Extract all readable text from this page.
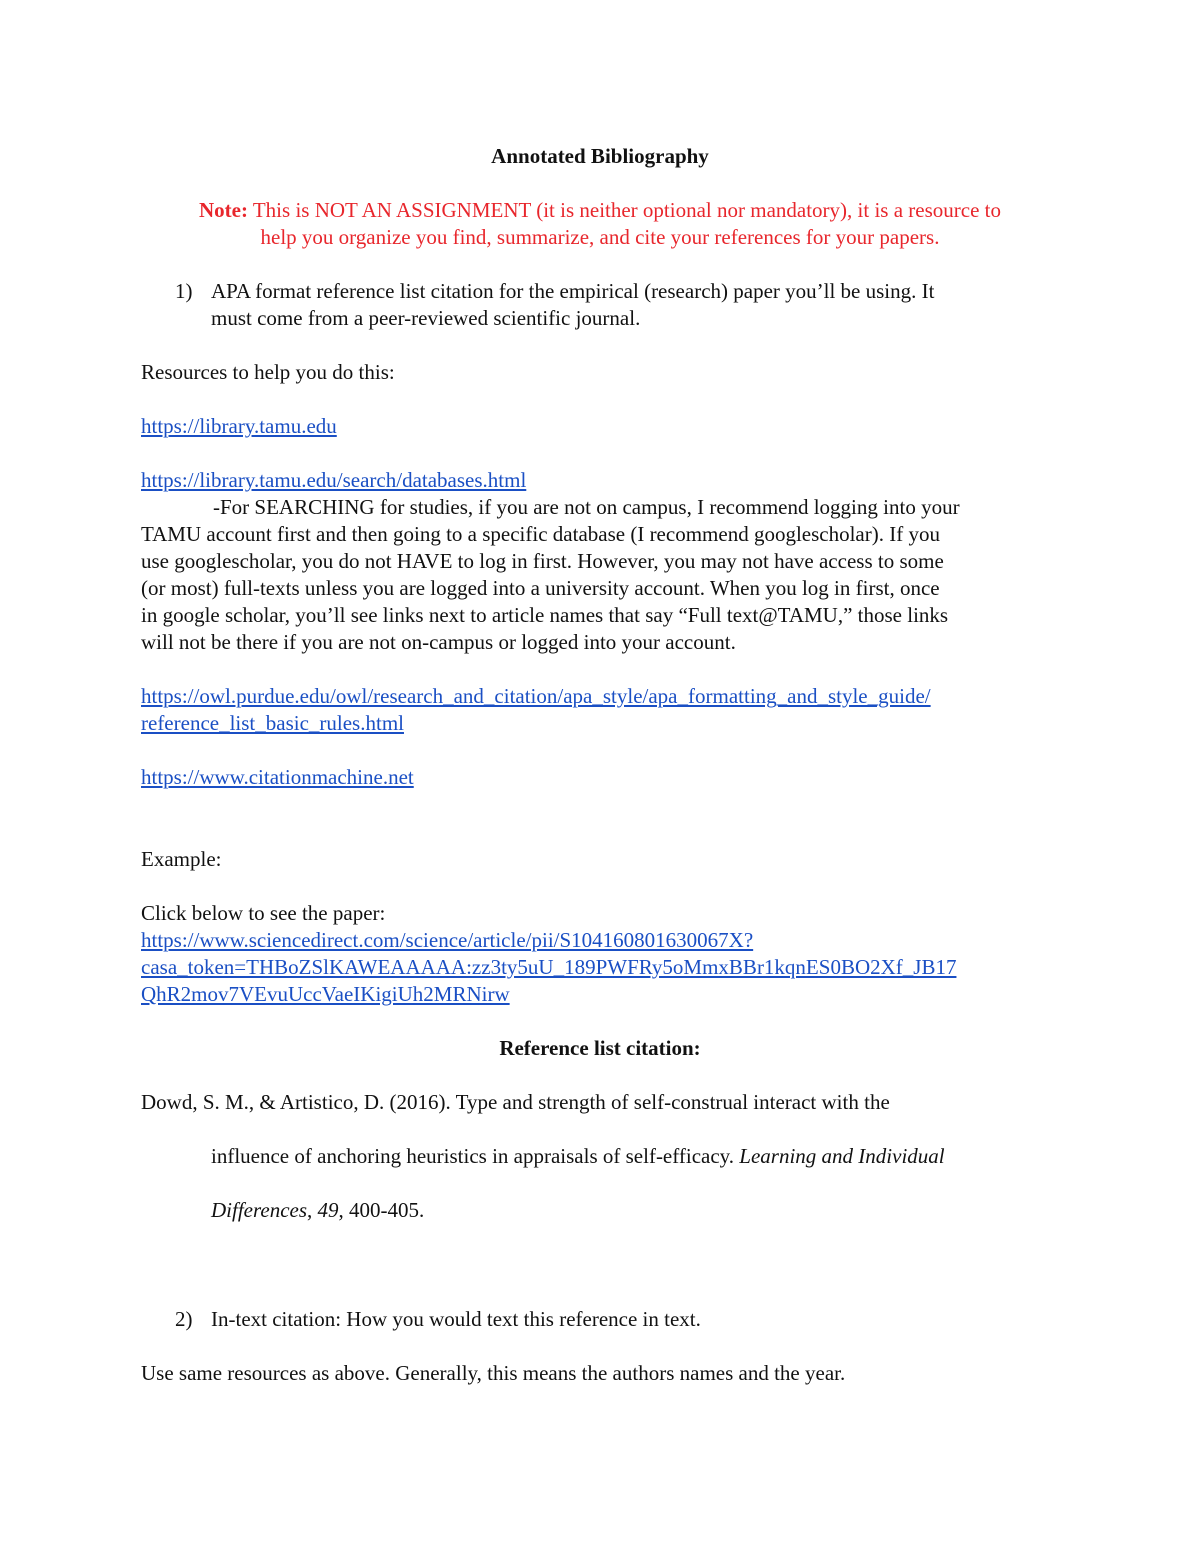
Annotated Bibliography
Note: This is NOT AN ASSIGNMENT (it is neither optional nor mandatory), it is a resource to
help you organize you find, summarize, and cite your references for your papers.
1) APA format reference list citation for the empirical (research) paper you’ll be using. It
must come from a peer-reviewed scientific journal.
Resources to help you do this:
https://library.tamu.edu
https://library.tamu.edu/search/databases.html
-For SEARCHING for studies, if you are not on campus, I recommend logging into your
TAMU account first and then going to a specific database (I recommend googlescholar). If you
use googlescholar, you do not HAVE to log in first. However, you may not have access to some
(or most) full-texts unless you are logged into a university account. When you log in first, once
in google scholar, you’ll see links next to article names that say “Full text@TAMU,” those links
will not be there if you are not on-campus or logged into your account.
https://owl.purdue.edu/owl/research_and_citation/apa_style/apa_formatting_and_style_guide/
reference_list_basic_rules.html
https://www.citationmachine.net
Example:
Click below to see the paper:
https://www.sciencedirect.com/science/article/pii/S104160801630067X?
casa_token=THBoZSlKAWEAAAAA:zz3ty5uU_189PWFRy5oMmxBBr1kqnES0BO2Xf_JB17
QhR2mov7VEvuUccVaeIKigiUh2MRNirw
Reference list citation:
Dowd, S. M., & Artistico, D. (2016). Type and strength of self-construal interact with the
influence of anchoring heuristics in appraisals of self-efficacy. Learning and Individual
Differences, 49, 400-405.
2) In-text citation: How you would text this reference in text.
Use same resources as above. Generally, this means the authors names and the year.
